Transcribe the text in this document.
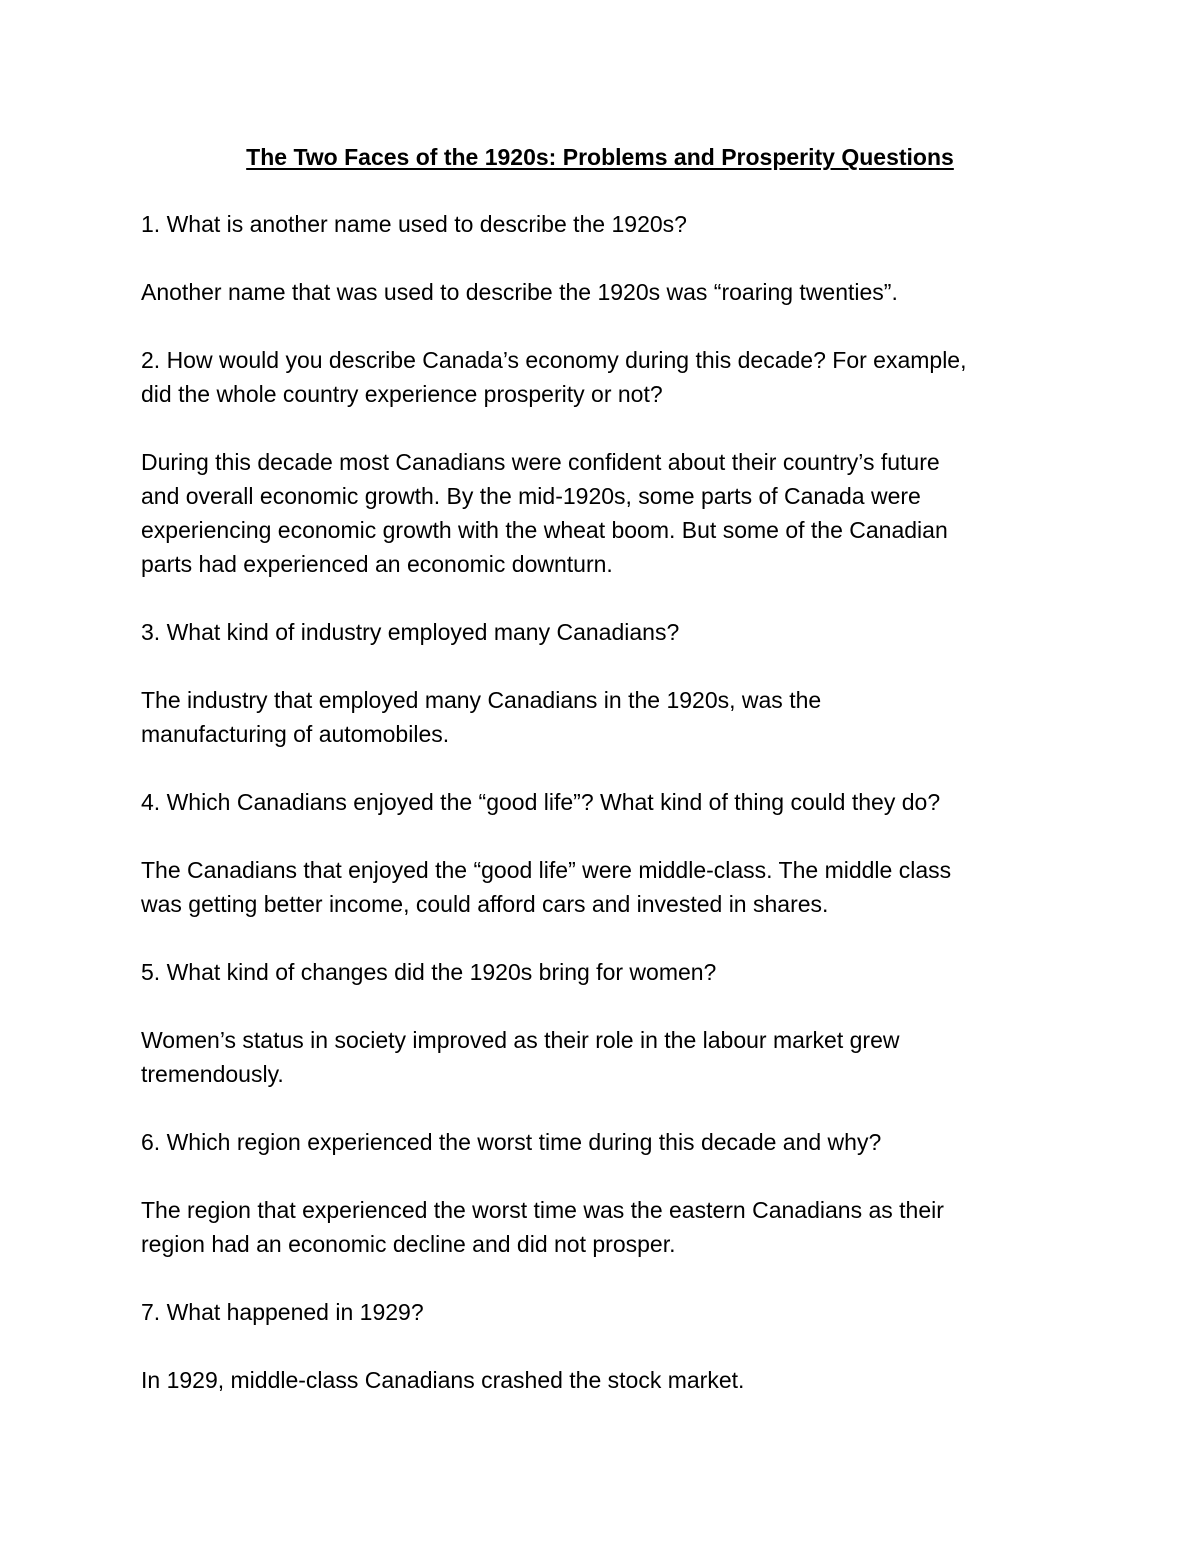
The Two Faces of the 1920s: Problems and Prosperity Questions

1. What is another name used to describe the 1920s?

Another name that was used to describe the 1920s was “roaring twenties”.

2. How would you describe Canada’s economy during this decade? For example,
did the whole country experience prosperity or not?

During this decade most Canadians were confident about their country’s future
and overall economic growth. By the mid-1920s, some parts of Canada were
experiencing economic growth with the wheat boom. But some of the Canadian
parts had experienced an economic downturn.

3. What kind of industry employed many Canadians?

The industry that employed many Canadians in the 1920s, was the
manufacturing of automobiles.

4. Which Canadians enjoyed the “good life”? What kind of thing could they do?

The Canadians that enjoyed the “good life” were middle-class. The middle class
was getting better income, could afford cars and invested in shares.

5. What kind of changes did the 1920s bring for women?

Women’s status in society improved as their role in the labour market grew
tremendously.

6. Which region experienced the worst time during this decade and why?

The region that experienced the worst time was the eastern Canadians as their
region had an economic decline and did not prosper.

7. What happened in 1929?

In 1929, middle-class Canadians crashed the stock market.
